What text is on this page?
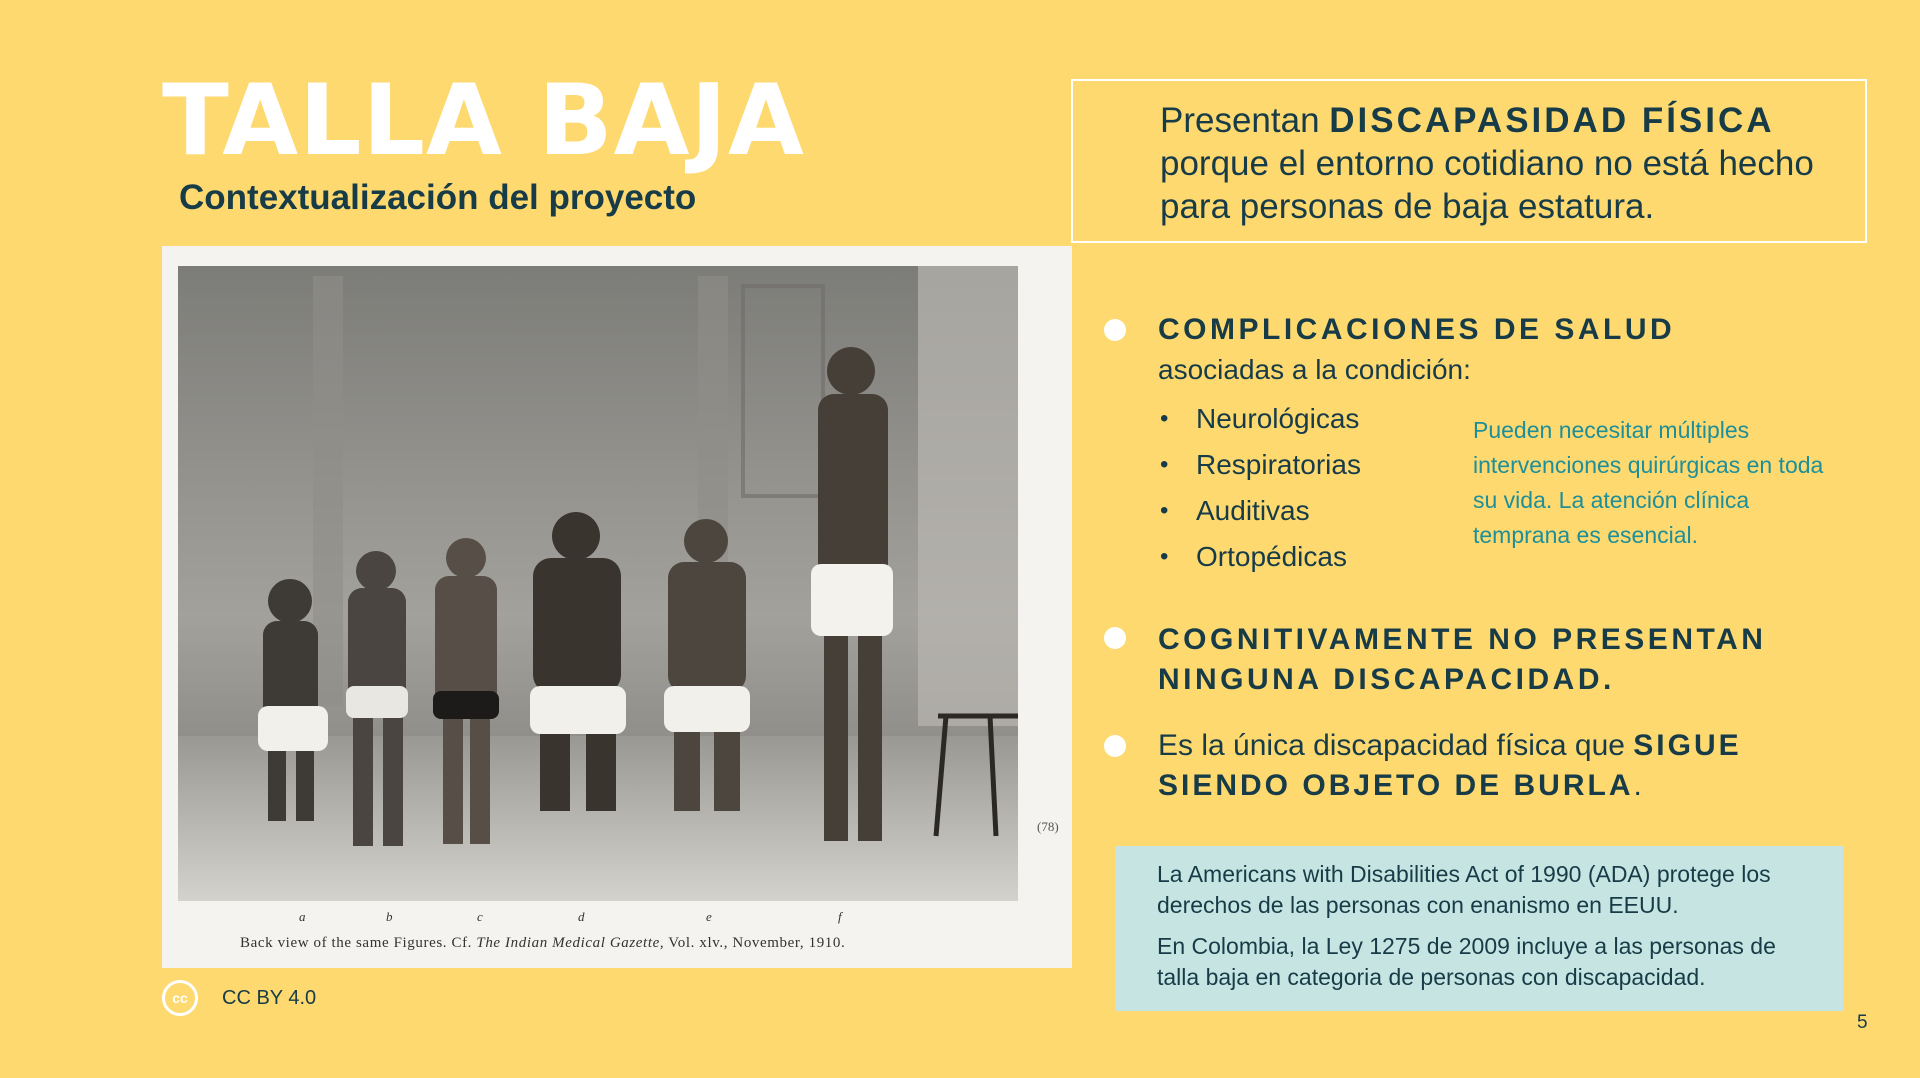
TALLA BAJA
Contextualización del proyecto
a	b	c	d	e	f
(78)
Back view of the same Figures. Cf. The Indian Medical Gazette, Vol. xlv., November, 1910.

Presentan DISCAPASIDAD FÍSICA porque el entorno cotidiano no está hecho para personas de baja estatura.

COMPLICACIONES DE SALUD
asociadas a la condición:
• Neurológicas
• Respiratorias
• Auditivas
• Ortopédicas
Pueden necesitar múltiples intervenciones quirúrgicas en toda su vida. La atención clínica temprana es esencial.
COGNITIVAMENTE NO PRESENTAN
NINGUNA DISCAPACIDAD.
Es la única discapacidad física que SIGUE
SIENDO OBJETO DE BURLA.

La Americans with Disabilities Act of 1990 (ADA) protege los derechos de las personas con enanismo en EEUU.

En Colombia, la Ley 1275 de 2009 incluye a las personas de talla baja en categoria de personas con discapacidad.

cc	CC BY 4.0
5
